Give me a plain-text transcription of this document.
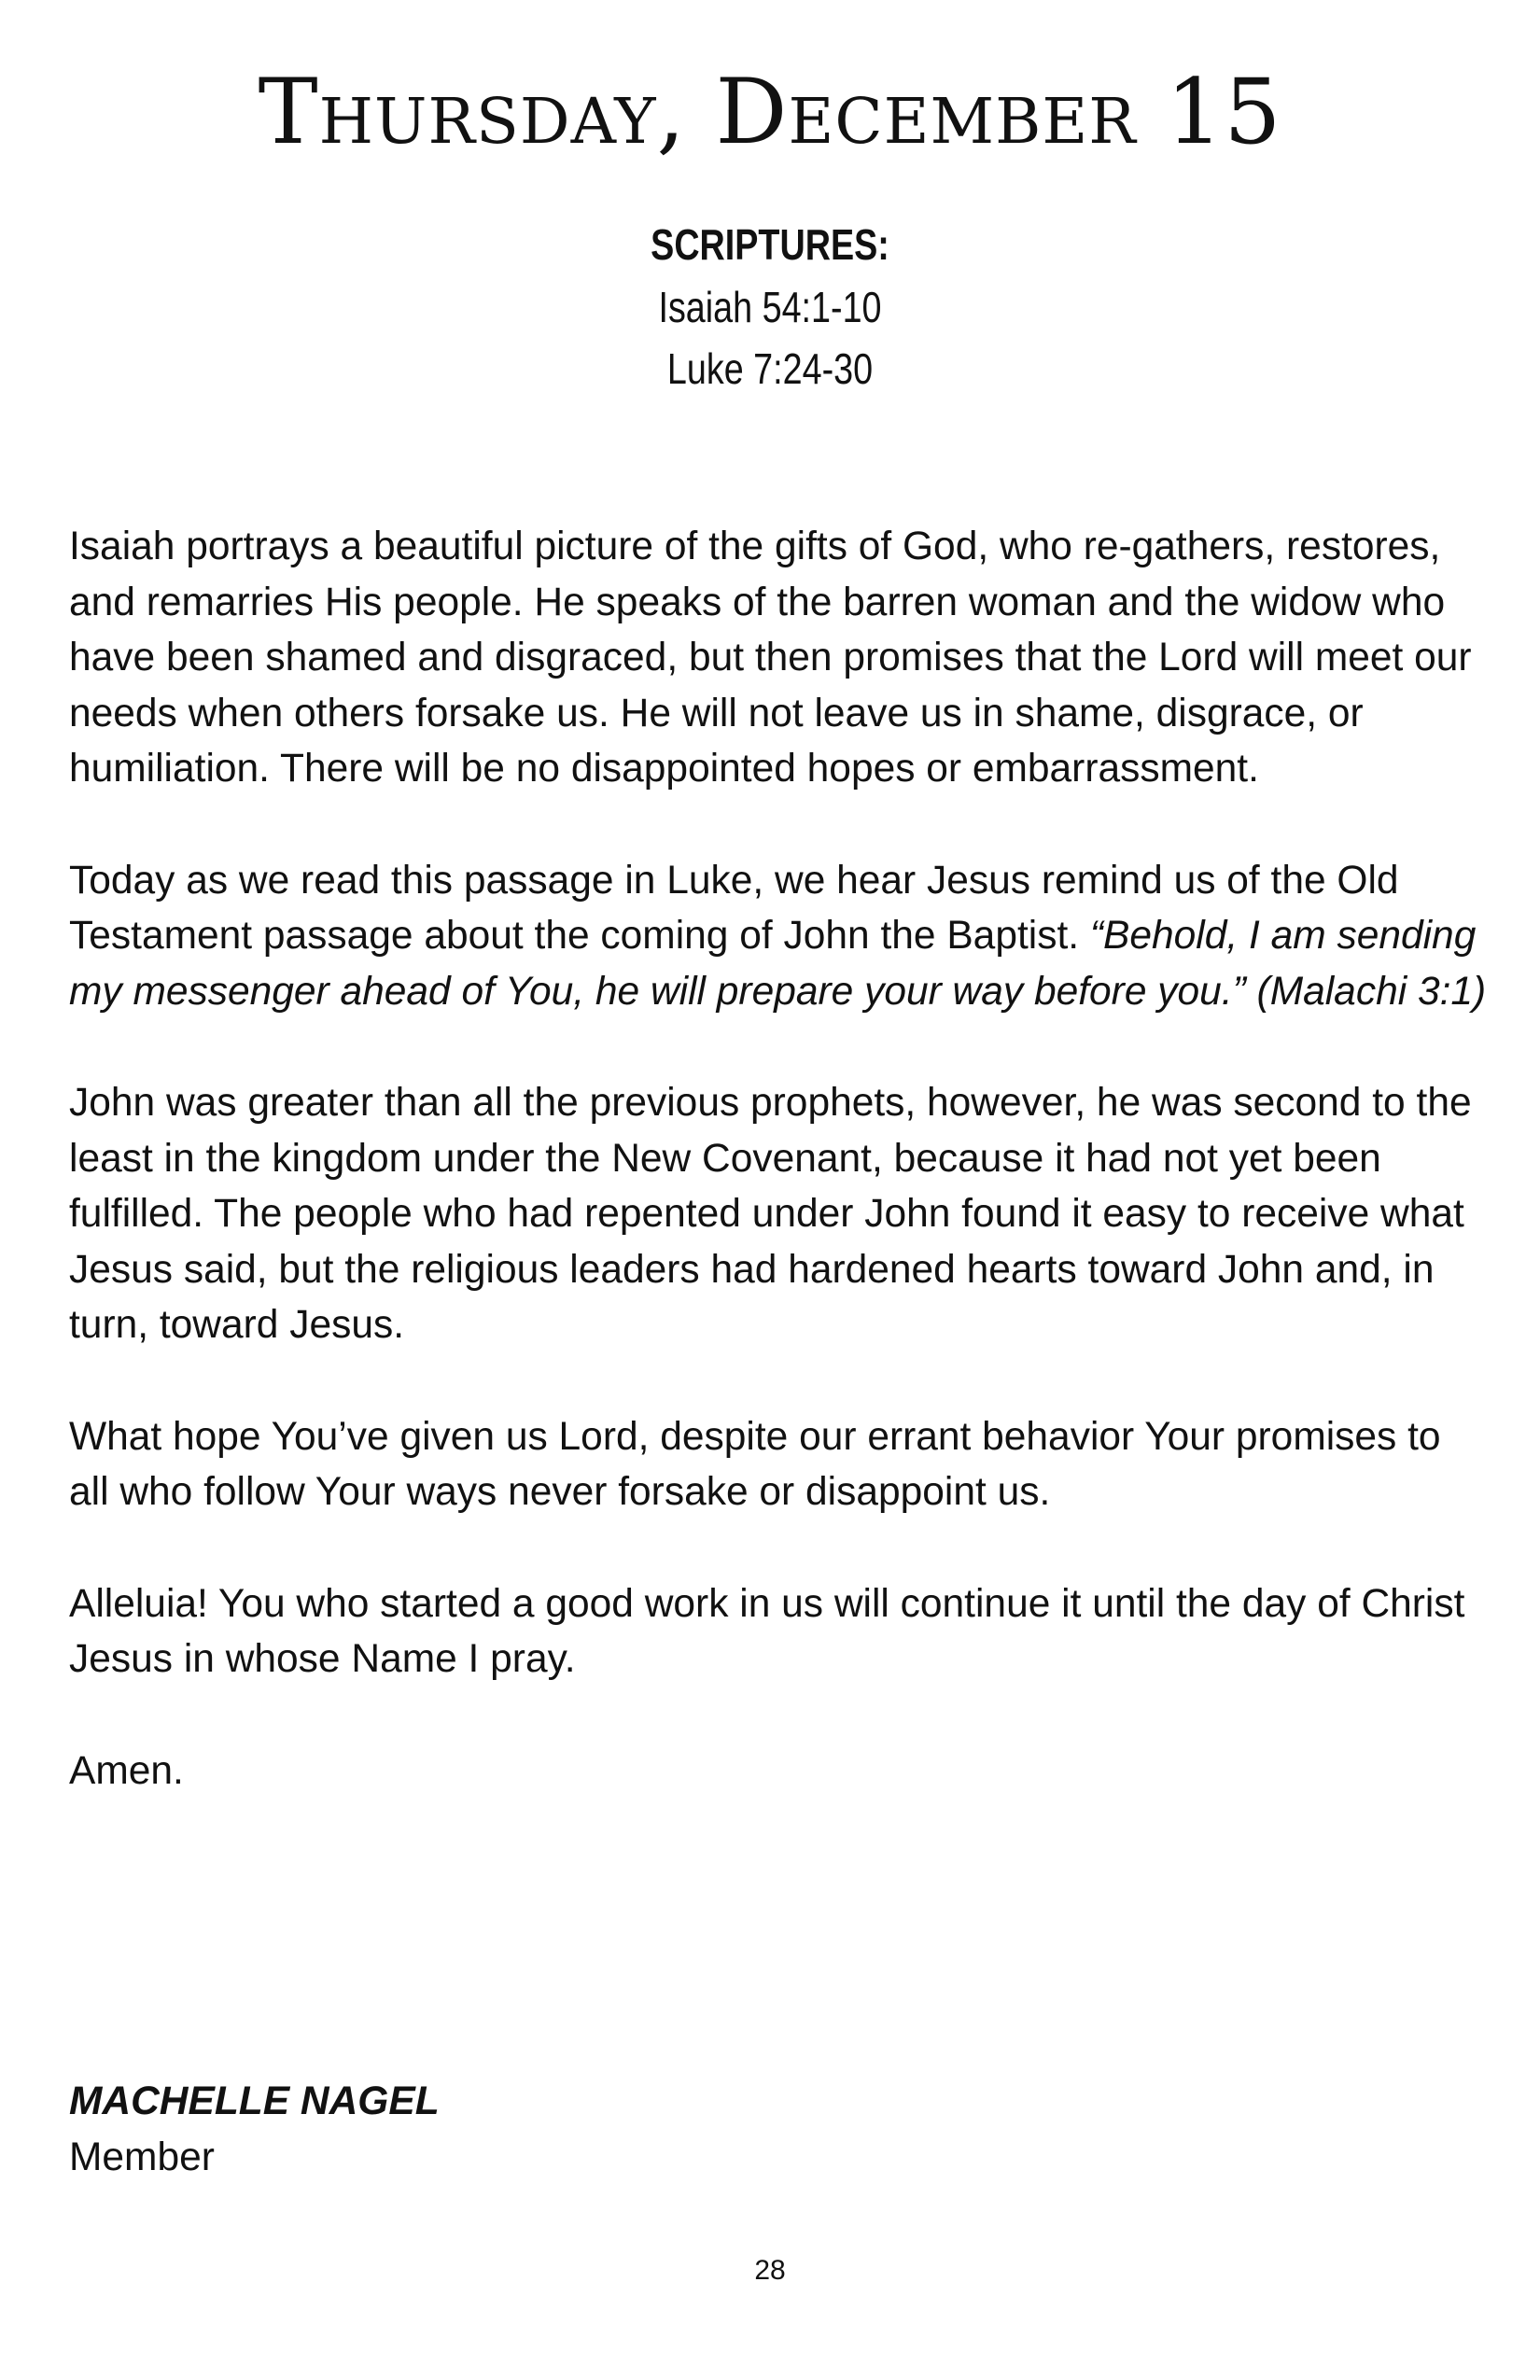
Thursday, December 15
SCRIPTURES:
Isaiah 54:1-10
Luke 7:24-30

Isaiah portrays a beautiful picture of the gifts of God, who re-gathers, restores, and remarries His people. He speaks of the barren woman and the widow who have been shamed and disgraced, but then promises that the Lord will meet our needs when others forsake us. He will not leave us in shame, disgrace, or humiliation. There will be no disappointed hopes or embarrassment.

Today as we read this passage in Luke, we hear Jesus remind us of the Old Testament passage about the coming of John the Baptist. “Behold, I am sending my messenger ahead of You, he will prepare your way before you.” (Malachi 3:1)

John was greater than all the previous prophets, however, he was second to the least in the kingdom under the New Covenant, because it had not yet been fulfilled. The people who had repented under John found it easy to receive what Jesus said, but the religious leaders had hardened hearts toward John and, in turn, toward Jesus.

What hope You’ve given us Lord, despite our errant behavior Your promises to all who follow Your ways never forsake or disappoint us.

Alleluia! You who started a good work in us will continue it until the day of Christ Jesus in whose Name I pray.

Amen.

MACHELLE NAGEL
Member
28
